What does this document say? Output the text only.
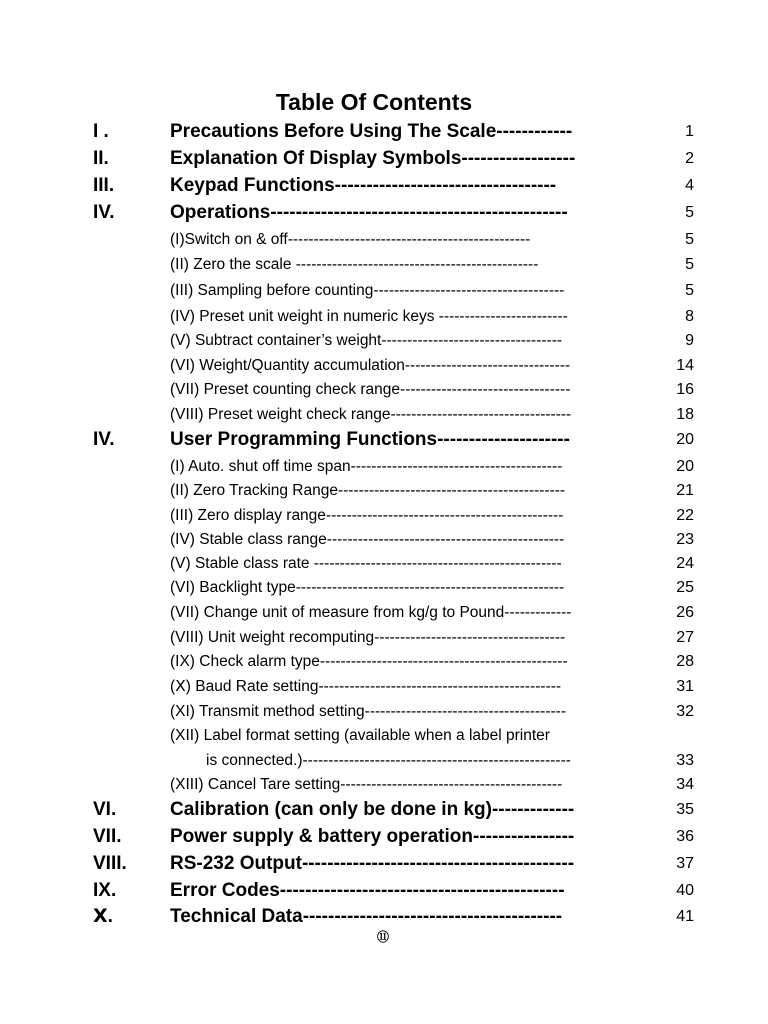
Table Of Contents
I .	Precautions Before Using The Scale------------	1
II.	Explanation Of Display Symbols------------------	2
III.	Keypad Functions-----------------------------------	4
IV.	Operations-----------------------------------------------	5
(I)Switch on & off-----------------------------------------------	5
(II) Zero the scale -----------------------------------------------	5
(III) Sampling before counting-------------------------------------	5
(IV) Preset unit weight in numeric keys -------------------------	8
(V) Subtract container’s weight-----------------------------------	9
(VI) Weight/Quantity accumulation--------------------------------	14
(VII) Preset counting check range---------------------------------	16
(VIII) Preset weight check range-----------------------------------	18
IV.	User Programming Functions---------------------	20
(I) Auto. shut off time span-----------------------------------------	20
(II) Zero Tracking Range--------------------------------------------	21
(III) Zero display range----------------------------------------------	22
(IV) Stable class range----------------------------------------------	23
(V) Stable class rate ------------------------------------------------	24
(VI) Backlight type----------------------------------------------------	25
(VII) Change unit of measure from kg/g to Pound-------------	26
(VIII) Unit weight recomputing-------------------------------------	27
(IX) Check alarm type------------------------------------------------	28
(Ⅹ) Baud Rate setting-----------------------------------------------	31
(XI) Transmit method setting---------------------------------------	32
(XII) Label format setting (available when a label printer
is connected.)----------------------------------------------------	33
(XIII) Cancel Tare setting-------------------------------------------	34
VI.	Calibration (can only be done in kg)-------------	35
VII.	Power supply & battery operation----------------	36
VIII. RS-232 Output-------------------------------------------	37
IX.	Error Codes---------------------------------------------	40
Ⅹ.	Technical Data-----------------------------------------	41
⑪
